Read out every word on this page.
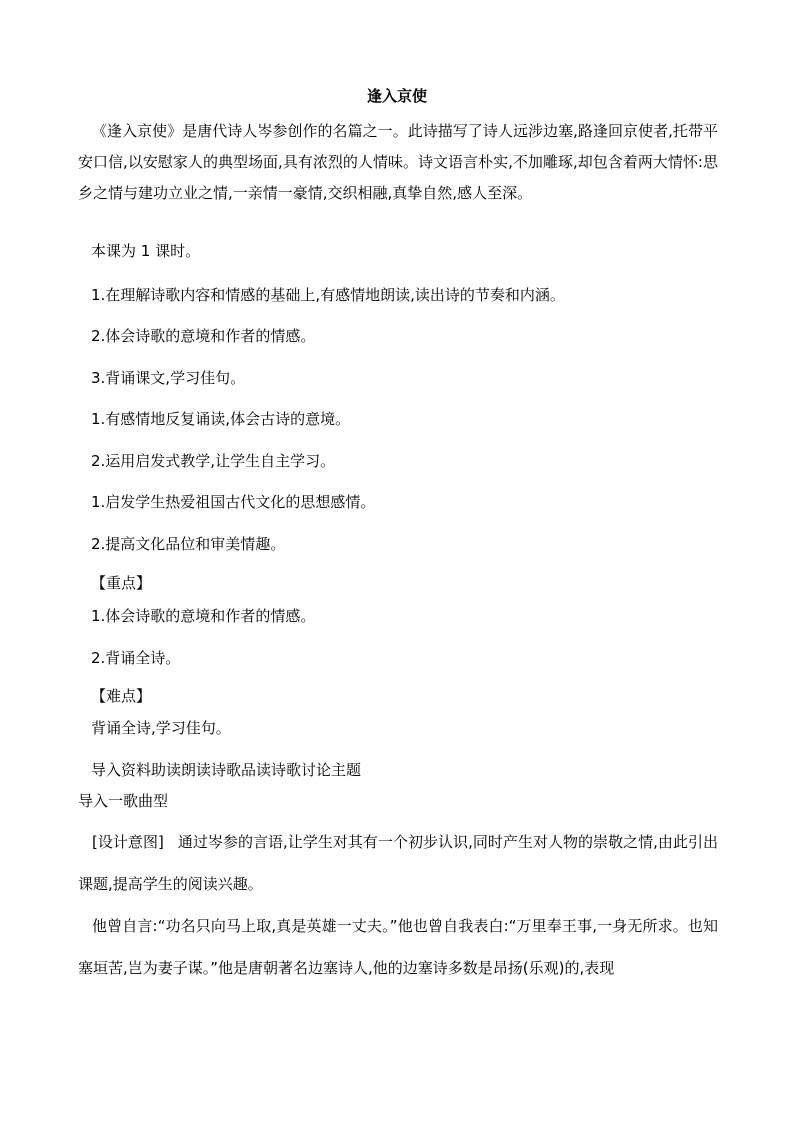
逢入京使
《逢入京使》是唐代诗人岑参创作的名篇之一。此诗描写了诗人远涉边塞,路逢回京使者,托带平安口信,以安慰家人的典型场面,具有浓烈的人情味。诗文语言朴实,不加雕琢,却包含着两大情怀:思乡之情与建功立业之情,一亲情一豪情,交织相融,真挚自然,感人至深。
本课为 1 课时。
1.在理解诗歌内容和情感的基础上,有感情地朗读,读出诗的节奏和内涵。
2.体会诗歌的意境和作者的情感。
3.背诵课文,学习佳句。
1.有感情地反复诵读,体会古诗的意境。
2.运用启发式教学,让学生自主学习。
1.启发学生热爱祖国古代文化的思想感情。
2.提高文化品位和审美情趣。
【重点】
1.体会诗歌的意境和作者的情感。
2.背诵全诗。
【难点】
背诵全诗,学习佳句。
导入资料助读朗读诗歌品读诗歌讨论主题
导入一歌曲型
[设计意图] 通过岑参的言语,让学生对其有一个初步认识,同时产生对人物的崇敬之情,由此引出课题,提高学生的阅读兴趣。
他曾自言:“功名只向马上取,真是英雄一丈夫。”他也曾自我表白:“万里奉王事,一身无所求。也知塞垣苦,岂为妻子谋。”他是唐朝著名边塞诗人,他的边塞诗多数是昂扬(乐观)的,表现
